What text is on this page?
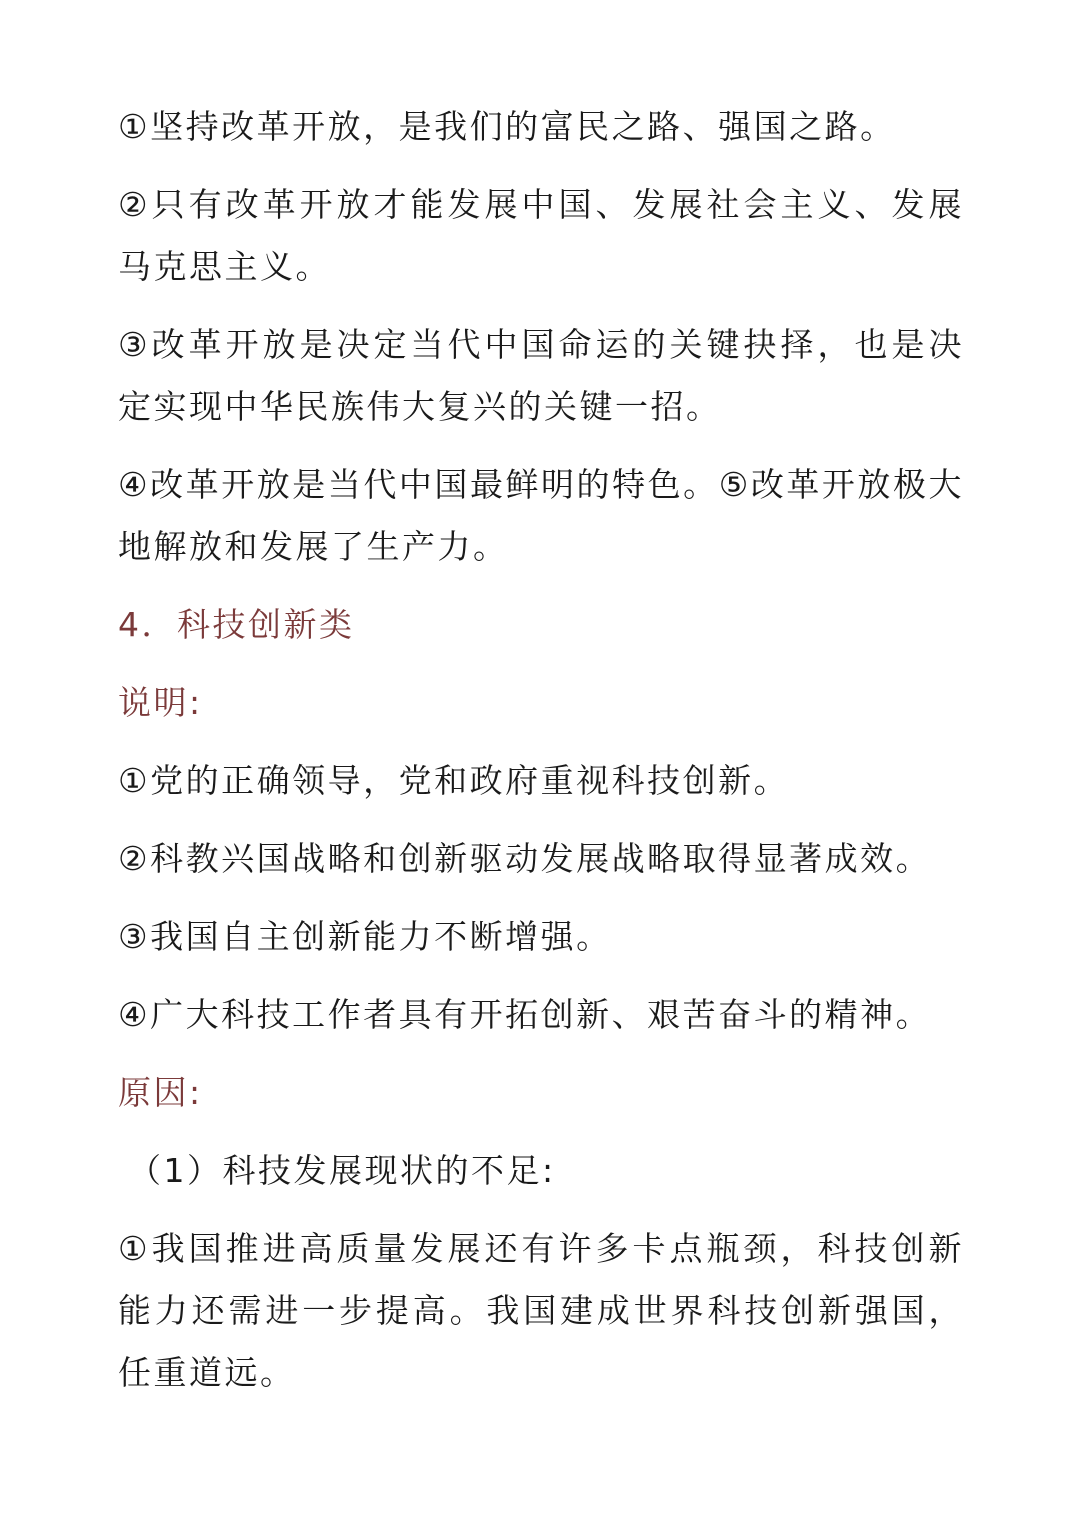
①坚持改革开放，是我们的富民之路、强国之路。

②只有改革开放才能发展中国、发展社会主义、发展马克思主义。

③改革开放是决定当代中国命运的关键抉择，也是决定实现中华民族伟大复兴的关键一招。

④改革开放是当代中国最鲜明的特色。⑤改革开放极大地解放和发展了生产力。

4．科技创新类

说明:

①党的正确领导，党和政府重视科技创新。

②科教兴国战略和创新驱动发展战略取得显著成效。

③我国自主创新能力不断增强。

④广大科技工作者具有开拓创新、艰苦奋斗的精神。

原因:

（1）科技发展现状的不足:

①我国推进高质量发展还有许多卡点瓶颈，科技创新能力还需进一步提高。我国建成世界科技创新强国，任重道远。
